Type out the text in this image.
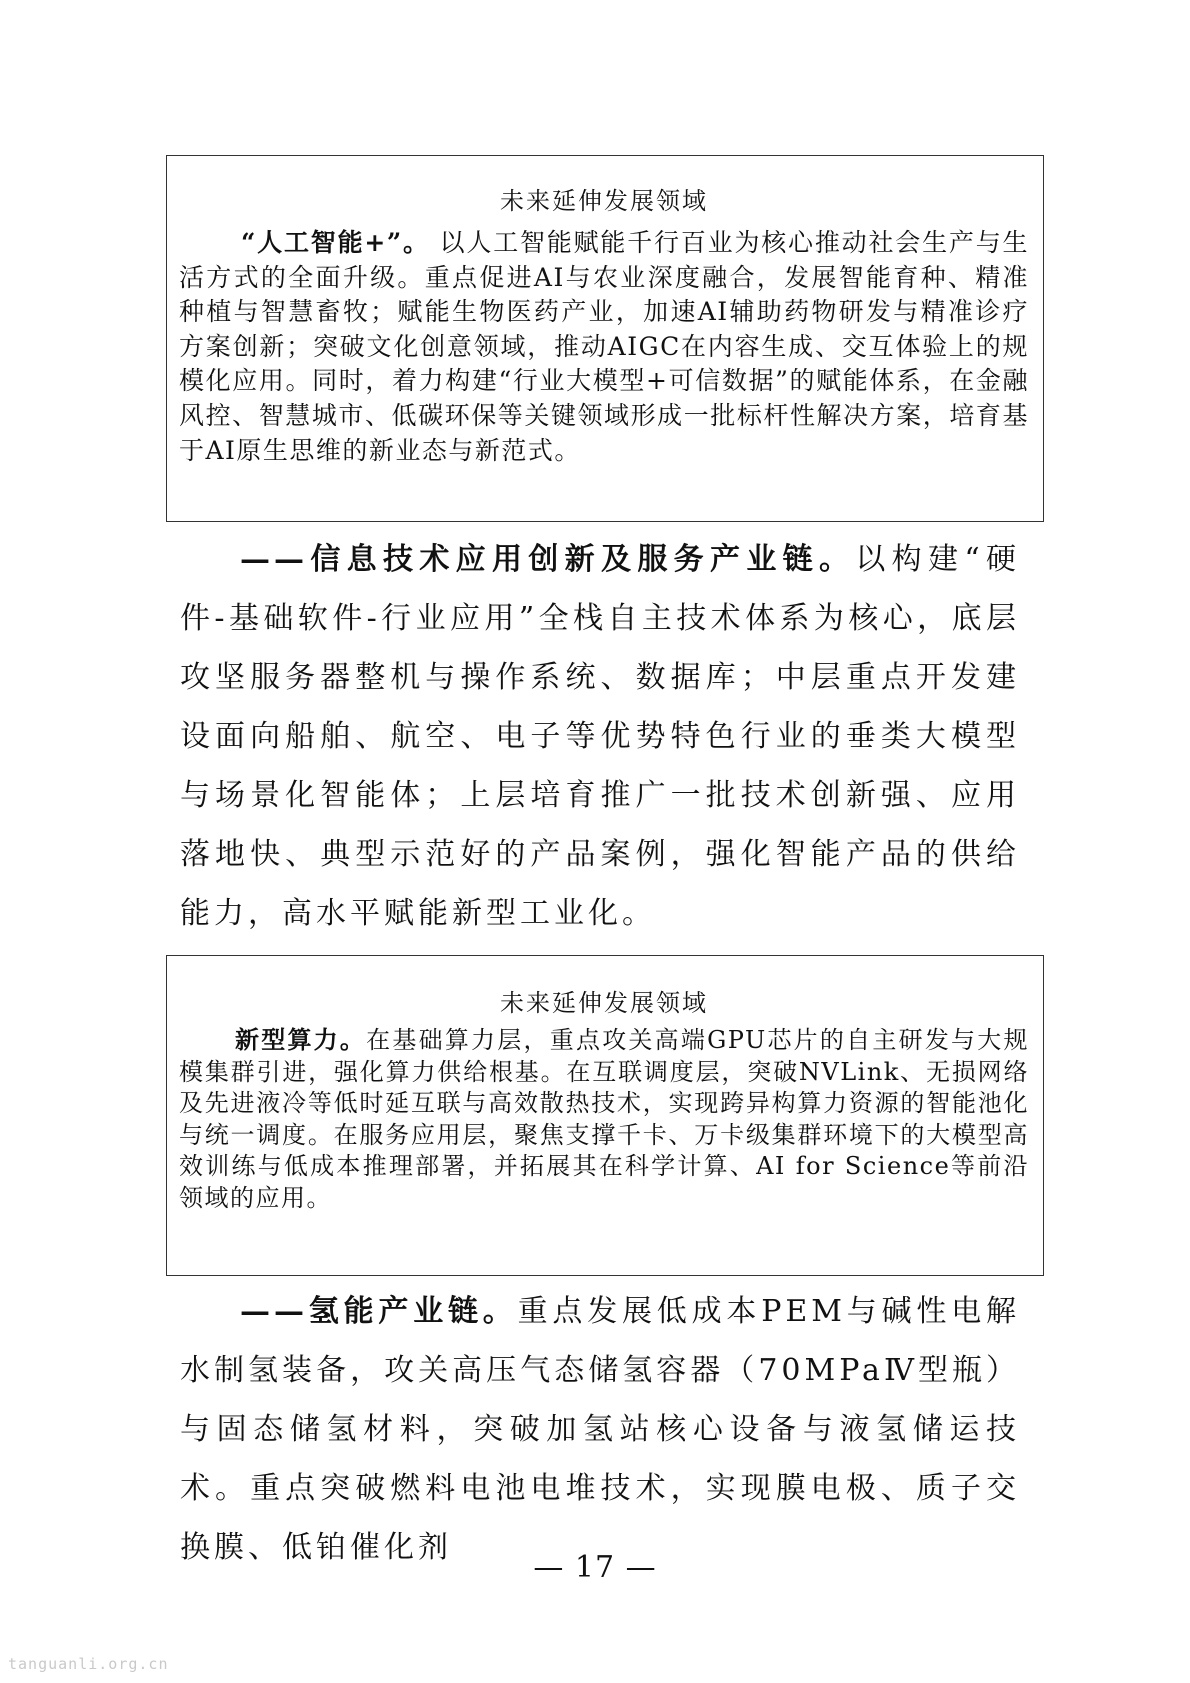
未来延伸发展领域

“人工智能+”。 以人工智能赋能千行百业为核心推动社会生产与生活方式的全面升级。重点促进AI与农业深度融合，发展智能育种、精准种植与智慧畜牧；赋能生物医药产业，加速AI辅助药物研发与精准诊疗方案创新；突破文化创意领域，推动AIGC在内容生成、交互体验上的规模化应用。同时，着力构建“行业大模型+可信数据”的赋能体系，在金融风控、智慧城市、低碳环保等关键领域形成一批标杆性解决方案，培育基于AI原生思维的新业态与新范式。

——信息技术应用创新及服务产业链。以构建“硬件-基础软件-行业应用”全栈自主技术体系为核心，底层攻坚服务器整机与操作系统、数据库；中层重点开发建设面向船舶、航空、电子等优势特色行业的垂类大模型与场景化智能体；上层培育推广一批技术创新强、应用落地快、典型示范好的产品案例，强化智能产品的供给能力，高水平赋能新型工业化。

未来延伸发展领域

新型算力。在基础算力层，重点攻关高端GPU芯片的自主研发与大规模集群引进，强化算力供给根基。在互联调度层，突破NVLink、无损网络及先进液冷等低时延互联与高效散热技术，实现跨异构算力资源的智能池化与统一调度。在服务应用层，聚焦支撑千卡、万卡级集群环境下的大模型高效训练与低成本推理部署，并拓展其在科学计算、AI for Science等前沿领域的应用。

——氢能产业链。重点发展低成本PEM与碱性电解水制氢装备，攻关高压气态储氢容器（70MPaⅣ型瓶）与固态储氢材料，突破加氢站核心设备与液氢储运技术。重点突破燃料电池电堆技术，实现膜电极、质子交换膜、低铂催化剂

— 17 —
tanguanli.org.cn
